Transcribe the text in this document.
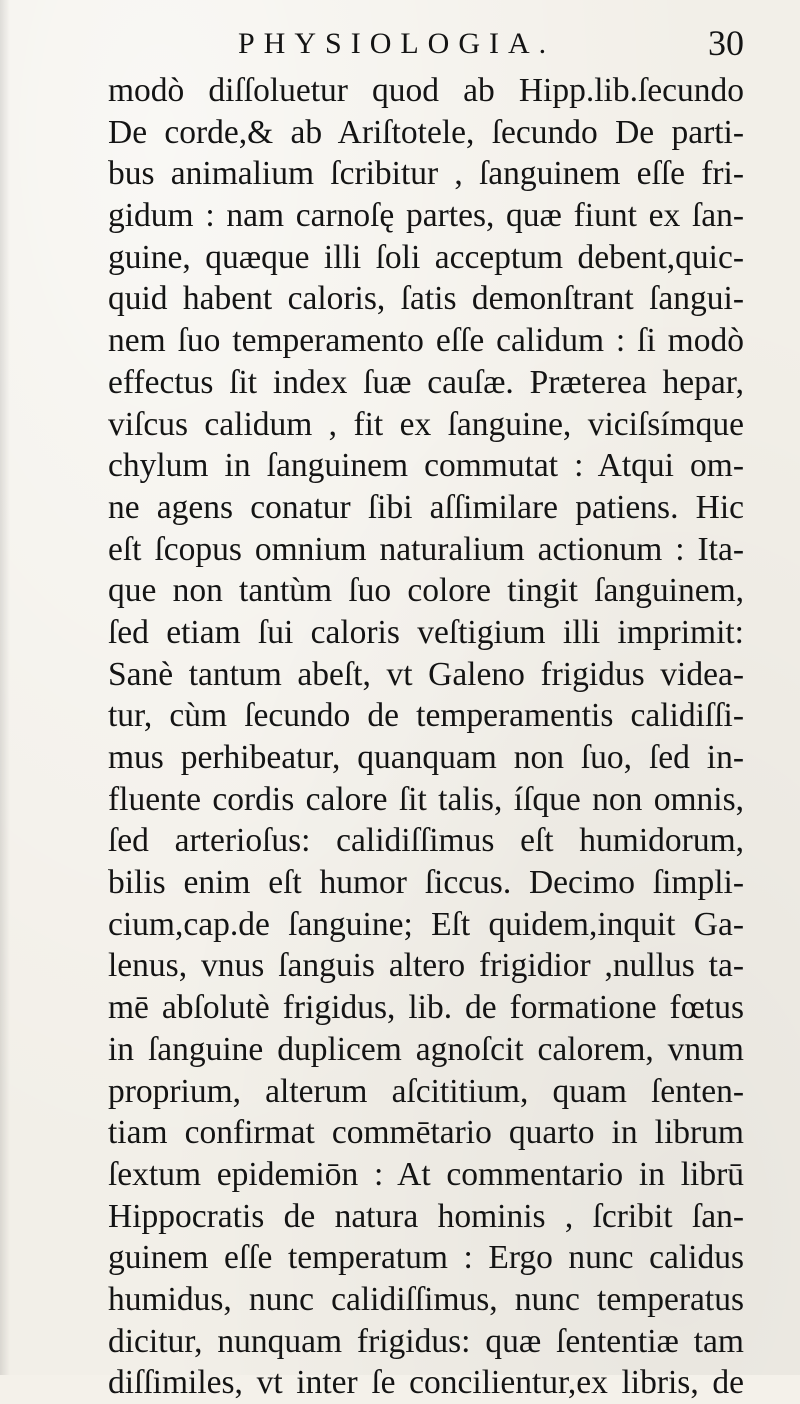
PHYSIOLOGIA.	30
modò diſſoluetur quod ab Hipp.lib.ſecundo
De corde,& ab Ariſtotele, ſecundo De parti-
bus animalium ſcribitur , ſanguinem eſſe fri-
gidum : nam carnoſę partes, quæ fiunt ex ſan-
guine, quæque illi ſoli acceptum debent,quic-
quid habent caloris, ſatis demonſtrant ſangui-
nem ſuo temperamento eſſe calidum : ſi modò
effectus ſit index ſuæ cauſæ. Præterea hepar,
viſcus calidum , fit ex ſanguine, viciſsímque
chylum in ſanguinem commutat : Atqui om-
ne agens conatur ſibi aſſimilare patiens. Hic
eſt ſcopus omnium naturalium actionum : Ita-
que non tantùm ſuo colore tingit ſanguinem,
ſed etiam ſui caloris veſtigium illi imprimit:
Sanè tantum abeſt, vt Galeno frigidus videa-
tur, cùm ſecundo de temperamentis calidiſſi-
mus perhibeatur, quanquam non ſuo, ſed in-
fluente cordis calore ſit talis, íſque non omnis,
ſed arterioſus: calidiſſimus eſt humidorum,
bilis enim eſt humor ſiccus. Decimo ſimpli-
cium,cap.de ſanguine; Eſt quidem,inquit Ga-
lenus, vnus ſanguis altero frigidior ,nullus ta-
mē abſolutè frigidus, lib. de formatione fœtus
in ſanguine duplicem agnoſcit calorem, vnum
proprium, alterum aſcititium, quam ſenten-
tiam confirmat commētario quarto in librum
ſextum epidemiōn : At commentario in librū
Hippocratis de natura hominis , ſcribit ſan-
guinem eſſe temperatum : Ergo nunc calidus
humidus, nunc calidiſſimus, nunc temperatus
dicitur, nunquam frigidus: quæ ſententiæ tam
diſſimiles, vt inter ſe concilientur,ex libris, de
